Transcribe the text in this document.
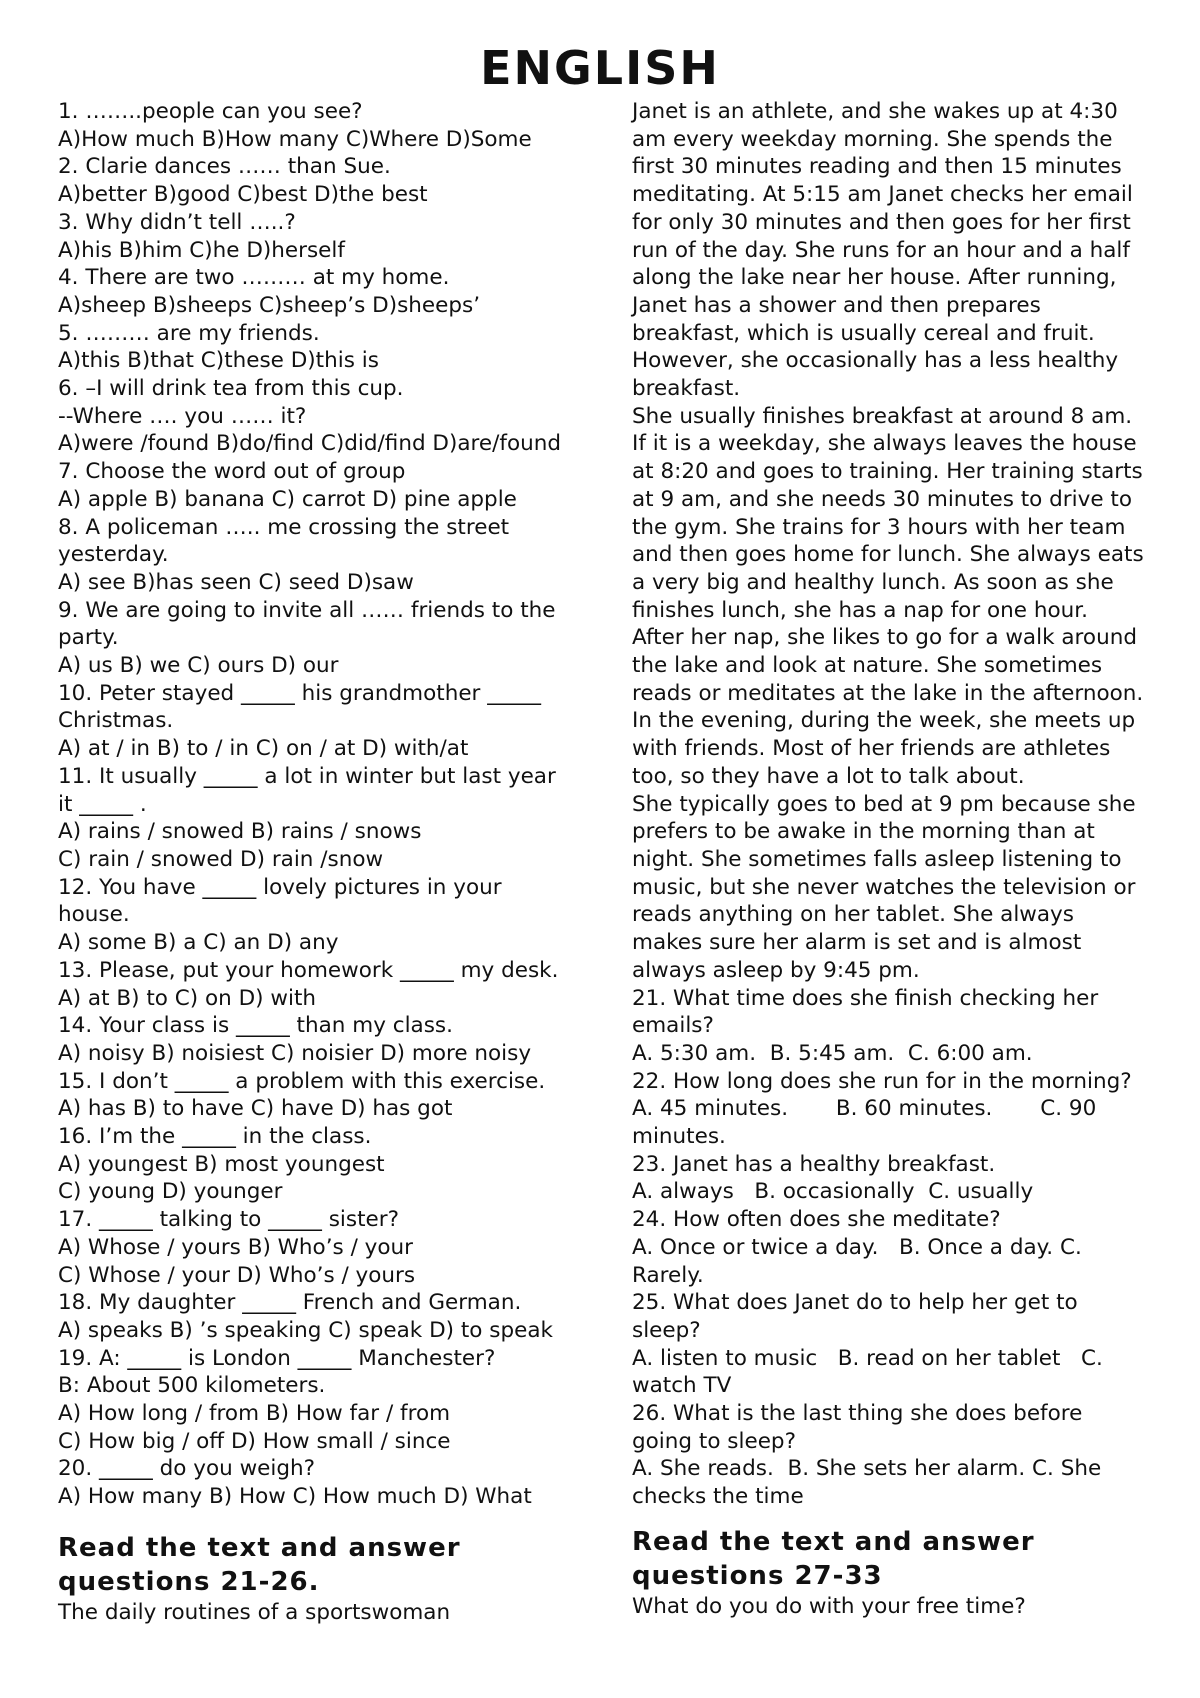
ENGLISH
1. ……..people can you see?
A)How much B)How many C)Where D)Some
2. Clarie dances …… than Sue.
A)better B)good C)best D)the best
3. Why didn’t tell …..?
A)his B)him C)he D)herself
4. There are two ……… at my home.
A)sheep B)sheeps C)sheep’s D)sheeps’
5. ……… are my friends.
A)this B)that C)these D)this is
6. –I will drink tea from this cup.
--Where …. you …… it?
A)were /found B)do/find C)did/find D)are/found
7. Choose the word out of group
A) apple B) banana C) carrot D) pine apple
8. A policeman ….. me crossing the street
yesterday.
A) see B)has seen C) seed D)saw
9. We are going to invite all …… friends to the
party.
A) us B) we C) ours D) our
10. Peter stayed _____ his grandmother _____
Christmas.
A) at / in B) to / in C) on / at D) with/at
11. It usually _____ a lot in winter but last year
it _____ .
A) rains / snowed B) rains / snows
C) rain / snowed D) rain /snow
12. You have _____ lovely pictures in your
house.
A) some B) a C) an D) any
13. Please, put your homework _____ my desk.
A) at B) to C) on D) with
14. Your class is _____ than my class.
A) noisy B) noisiest C) noisier D) more noisy
15. I don’t _____ a problem with this exercise.
A) has B) to have C) have D) has got
16. I’m the _____ in the class.
A) youngest B) most youngest
C) young D) younger
17. _____ talking to _____ sister?
A) Whose / yours B) Who’s / your
C) Whose / your D) Who’s / yours
18. My daughter _____ French and German.
A) speaks B) ’s speaking C) speak D) to speak
19. A: _____ is London _____ Manchester?
B: About 500 kilometers.
A) How long / from B) How far / from
C) How big / off D) How small / since
20. _____ do you weigh?
A) How many B) How C) How much D) What
Read the text and answer
questions 21-26.
The daily routines of a sportswoman
Janet is an athlete, and she wakes up at 4:30
am every weekday morning. She spends the
first 30 minutes reading and then 15 minutes
meditating. At 5:15 am Janet checks her email
for only 30 minutes and then goes for her first
run of the day. She runs for an hour and a half
along the lake near her house. After running,
Janet has a shower and then prepares
breakfast, which is usually cereal and fruit.
However, she occasionally has a less healthy
breakfast.
She usually finishes breakfast at around 8 am.
If it is a weekday, she always leaves the house
at 8:20 and goes to training. Her training starts
at 9 am, and she needs 30 minutes to drive to
the gym. She trains for 3 hours with her team
and then goes home for lunch. She always eats
a very big and healthy lunch. As soon as she
finishes lunch, she has a nap for one hour.
After her nap, she likes to go for a walk around
the lake and look at nature. She sometimes
reads or meditates at the lake in the afternoon.
In the evening, during the week, she meets up
with friends. Most of her friends are athletes
too, so they have a lot to talk about.
She typically goes to bed at 9 pm because she
prefers to be awake in the morning than at
night. She sometimes falls asleep listening to
music, but she never watches the television or
reads anything on her tablet. She always
makes sure her alarm is set and is almost
always asleep by 9:45 pm.
21. What time does she finish checking her
emails?
A. 5:30 am.  B. 5:45 am.  C. 6:00 am.
22. How long does she run for in the morning?
A. 45 minutes.       B. 60 minutes.       C. 90
minutes.
23. Janet has a healthy breakfast.
A. always   B. occasionally  C. usually
24. How often does she meditate?
A. Once or twice a day.   B. Once a day. C.
Rarely.
25. What does Janet do to help her get to
sleep?
A. listen to music   B. read on her tablet   C.
watch TV
26. What is the last thing she does before
going to sleep?
A. She reads.  B. She sets her alarm. C. She
checks the time
Read the text and answer
questions 27-33
What do you do with your free time?
